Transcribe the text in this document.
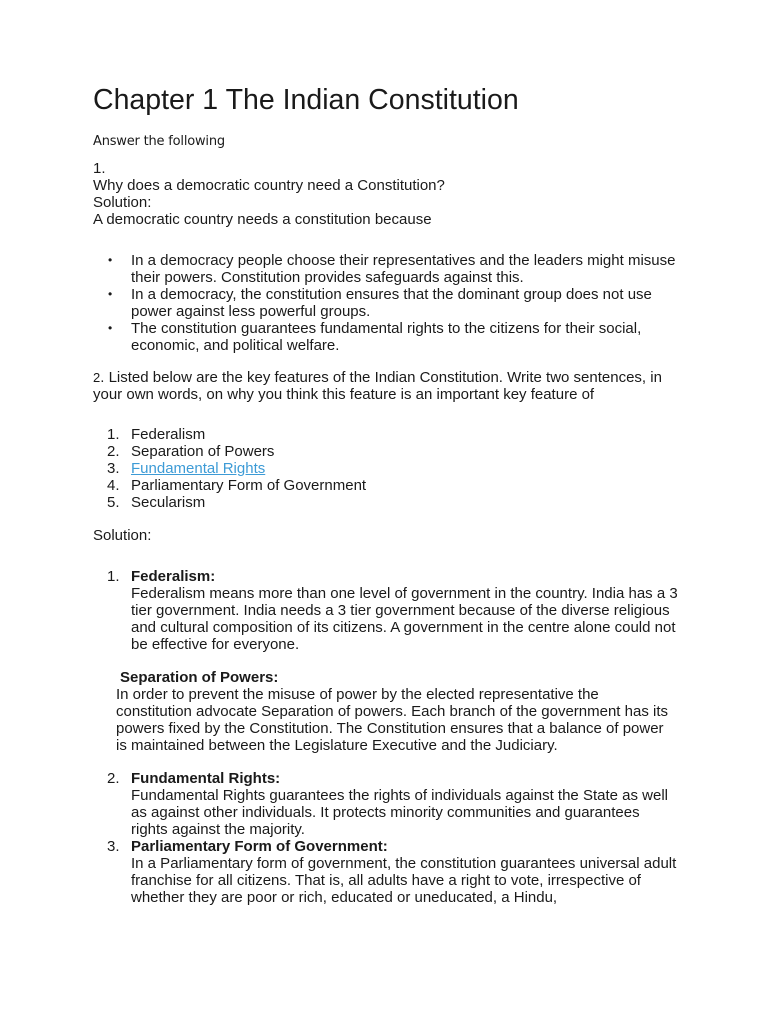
Chapter 1 The Indian Constitution
Answer the following
1.
Why does a democratic country need a Constitution?
Solution:
A democratic country needs a constitution because
• In a democracy people choose their representatives and the leaders might misuse their powers. Constitution provides safeguards against this.
• In a democracy, the constitution ensures that the dominant group does not use power against less powerful groups.
• The constitution guarantees fundamental rights to the citizens for their social, economic, and political welfare.
2. Listed below are the key features of the Indian Constitution. Write two sentences, in your own words, on why you think this feature is an important key feature of
1. Federalism
2. Separation of Powers
3. Fundamental Rights
4. Parliamentary Form of Government
5. Secularism
Solution:
1. Federalism:
Federalism means more than one level of government in the country. India has a 3 tier government. India needs a 3 tier government because of the diverse religious and cultural composition of its citizens. A government in the centre alone could not be effective for everyone.
Separation of Powers:
In order to prevent the misuse of power by the elected representative the constitution advocate Separation of powers. Each branch of the government has its powers fixed by the Constitution. The Constitution ensures that a balance of power is maintained between the Legislature Executive and the Judiciary.
2. Fundamental Rights:
Fundamental Rights guarantees the rights of individuals against the State as well as against other individuals. It protects minority communities and guarantees rights against the majority.
3. Parliamentary Form of Government:
In a Parliamentary form of government, the constitution guarantees universal adult franchise for all citizens. That is, all adults have a right to vote, irrespective of whether they are poor or rich, educated or uneducated, a Hindu,
